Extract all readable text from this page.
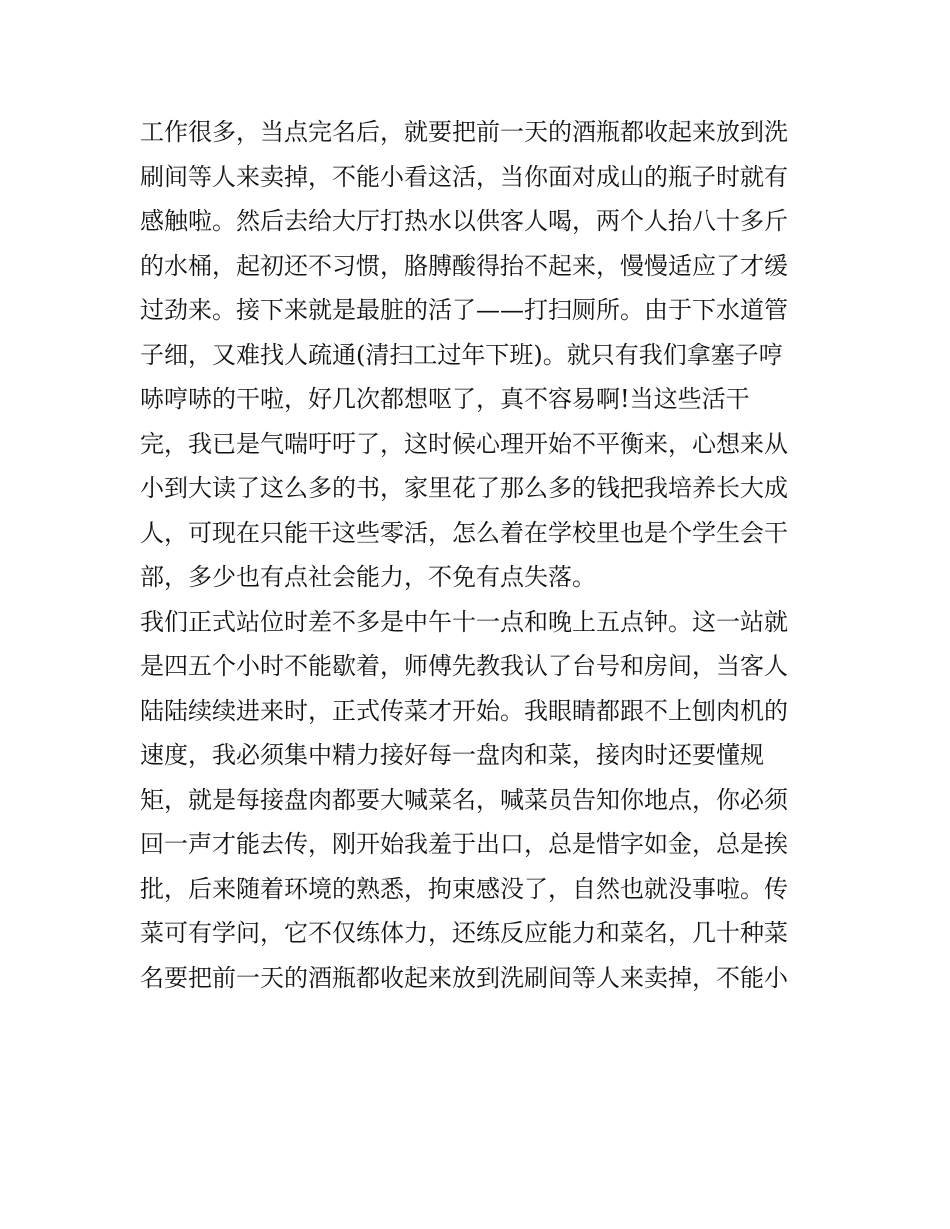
工作很多，当点完名后，就要把前一天的酒瓶都收起来放到洗
刷间等人来卖掉，不能小看这活，当你面对成山的瓶子时就有
感触啦。然后去给大厅打热水以供客人喝，两个人抬八十多斤
的水桶，起初还不习惯，胳膊酸得抬不起来，慢慢适应了才缓
过劲来。接下来就是最脏的活了——打扫厕所。由于下水道管
子细，又难找人疏通(清扫工过年下班)。就只有我们拿塞子哼
哧哼哧的干啦，好几次都想呕了，真不容易啊!当这些活干
完，我已是气喘吁吁了，这时候心理开始不平衡来，心想来从
小到大读了这么多的书，家里花了那么多的钱把我培养长大成
人，可现在只能干这些零活，怎么着在学校里也是个学生会干
部，多少也有点社会能力，不免有点失落。
我们正式站位时差不多是中午十一点和晚上五点钟。这一站就
是四五个小时不能歇着，师傅先教我认了台号和房间，当客人
陆陆续续进来时，正式传菜才开始。我眼睛都跟不上刨肉机的
速度，我必须集中精力接好每一盘肉和菜，接肉时还要懂规
矩，就是每接盘肉都要大喊菜名，喊菜员告知你地点，你必须
回一声才能去传，刚开始我羞于出口，总是惜字如金，总是挨
批，后来随着环境的熟悉，拘束感没了，自然也就没事啦。传
菜可有学问，它不仅练体力，还练反应能力和菜名，几十种菜
名要把前一天的酒瓶都收起来放到洗刷间等人来卖掉，不能小
